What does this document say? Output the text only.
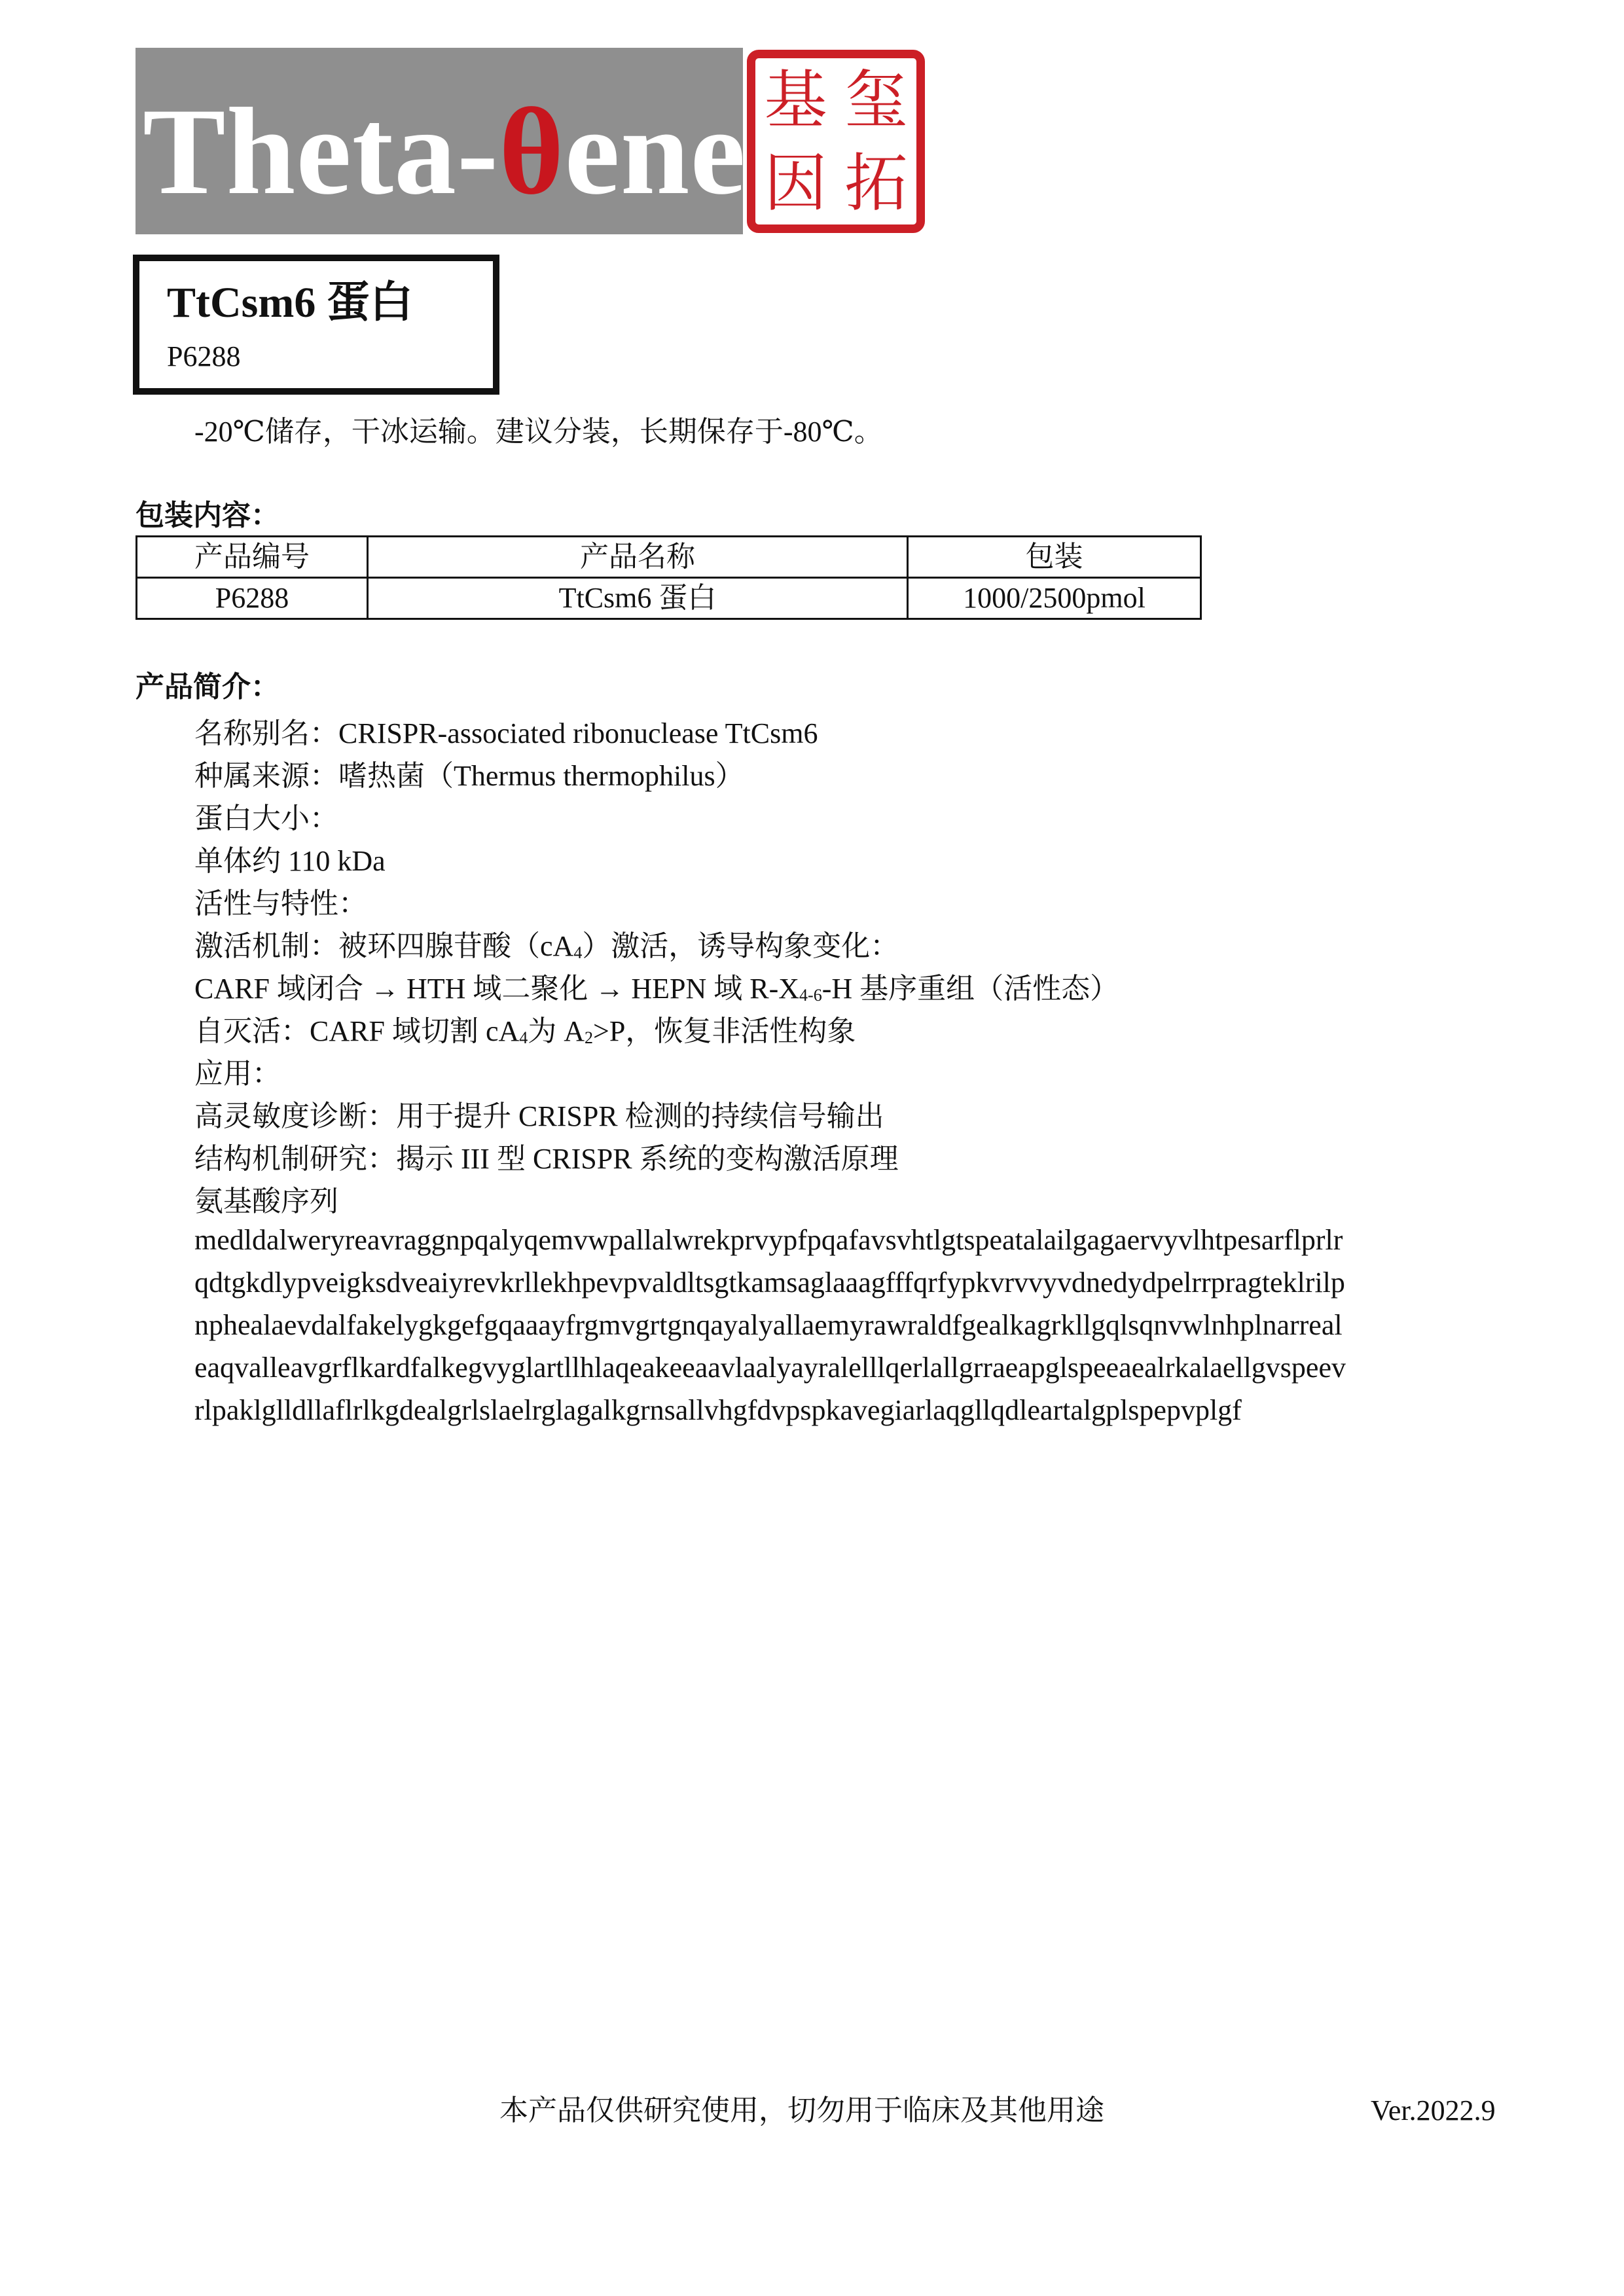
Theta-θene 基 玺
因 拓
TtCsm6 蛋白
P6288
-20℃储存，干冰运输。建议分装，长期保存于-80℃。
包装内容：
产品编号	产品名称	包装
P6288	TtCsm6 蛋白	1000/2500pmol
产品简介：
名称别名：CRISPR-associated ribonuclease TtCsm6
种属来源：嗜热菌（Thermus thermophilus）
蛋白大小：
单体约 110 kDa
活性与特性：
激活机制：被环四腺苷酸$(cA_4)$激活，诱导构象变化：
CARF 域闭合 → HTH 域二聚化 → HEPN 域 $R-X_{4-6}-H$ 基序重组（活性态）
自灭活：CARF 域切割 $cA_4$为 $A_2>P$，恢复非活性构象
应用：
高灵敏度诊断：用于提升 CRISPR 检测的持续信号输出
结构机制研究：揭示 III 型 CRISPR 系统的变构激活原理
氨基酸序列
medldalweryreavraggnpqalyqemvwpallalwrekprvypfpqafavsvhtlgtspeatalailgagaervyvlhtpesarflprlr
qdtgkdlypveigksdveaiyrevkrllekhpevpvaldltsgtkamsaglaaagfffqrfypkvrvvyvdnedydpelrrpragteklrilp
nphealaevdalfakelygkgefgqaaayfrgmvgrtgnqayalyallaemyrawraldfgealkagrkllgqlsqnvwlnhplnarreal
eaqvalleavgrflkardfalkegvyglartllhlaqeakeeaavlaalyayralelllqerlallgrraeapglspeeaealrkalaellgvspeev
rlpaklglldllaflrlkgdealgrlslaelrglagalkgrnsallvhgfdvpspkavegiarlaqgllqdleartalgplspepvplgf
本产品仅供研究使用，切勿用于临床及其他用途	Ver.2022.9
